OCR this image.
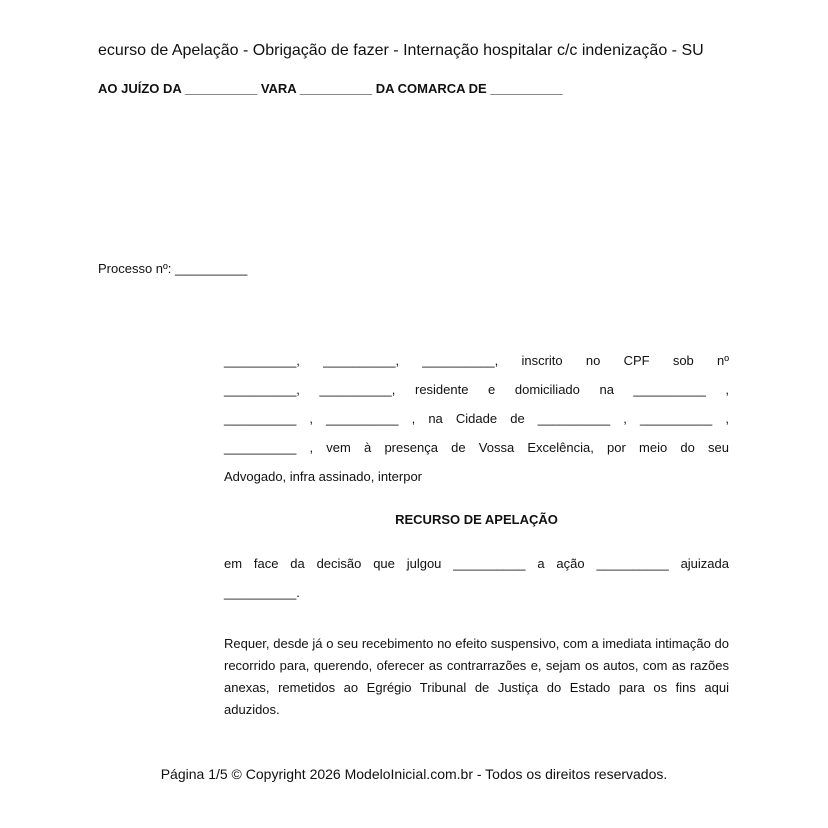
ecurso de Apelação - Obrigação de fazer - Internação hospitalar c/c indenização - SU
AO JUÍZO DA __________ VARA __________ DA COMARCA DE __________
Processo nº: __________
__________, __________, __________, inscrito no CPF sob nº
__________, __________, residente e domiciliado na __________ ,
__________ , __________ , na Cidade de __________ , __________ ,
__________ , vem à presença de Vossa Excelência, por meio do seu
Advogado, infra assinado, interpor
RECURSO DE APELAÇÃO
em face da decisão que julgou __________ a ação __________ ajuizada
__________.
Requer, desde já o seu recebimento no efeito suspensivo, com a imediata intimação do recorrido para, querendo, oferecer as contrarrazões e, sejam os autos, com as razões anexas, remetidos ao Egrégio Tribunal de Justiça do Estado para os fins aqui aduzidos.
Página 1/5 © Copyright 2026 ModeloInicial.com.br - Todos os direitos reservados.
